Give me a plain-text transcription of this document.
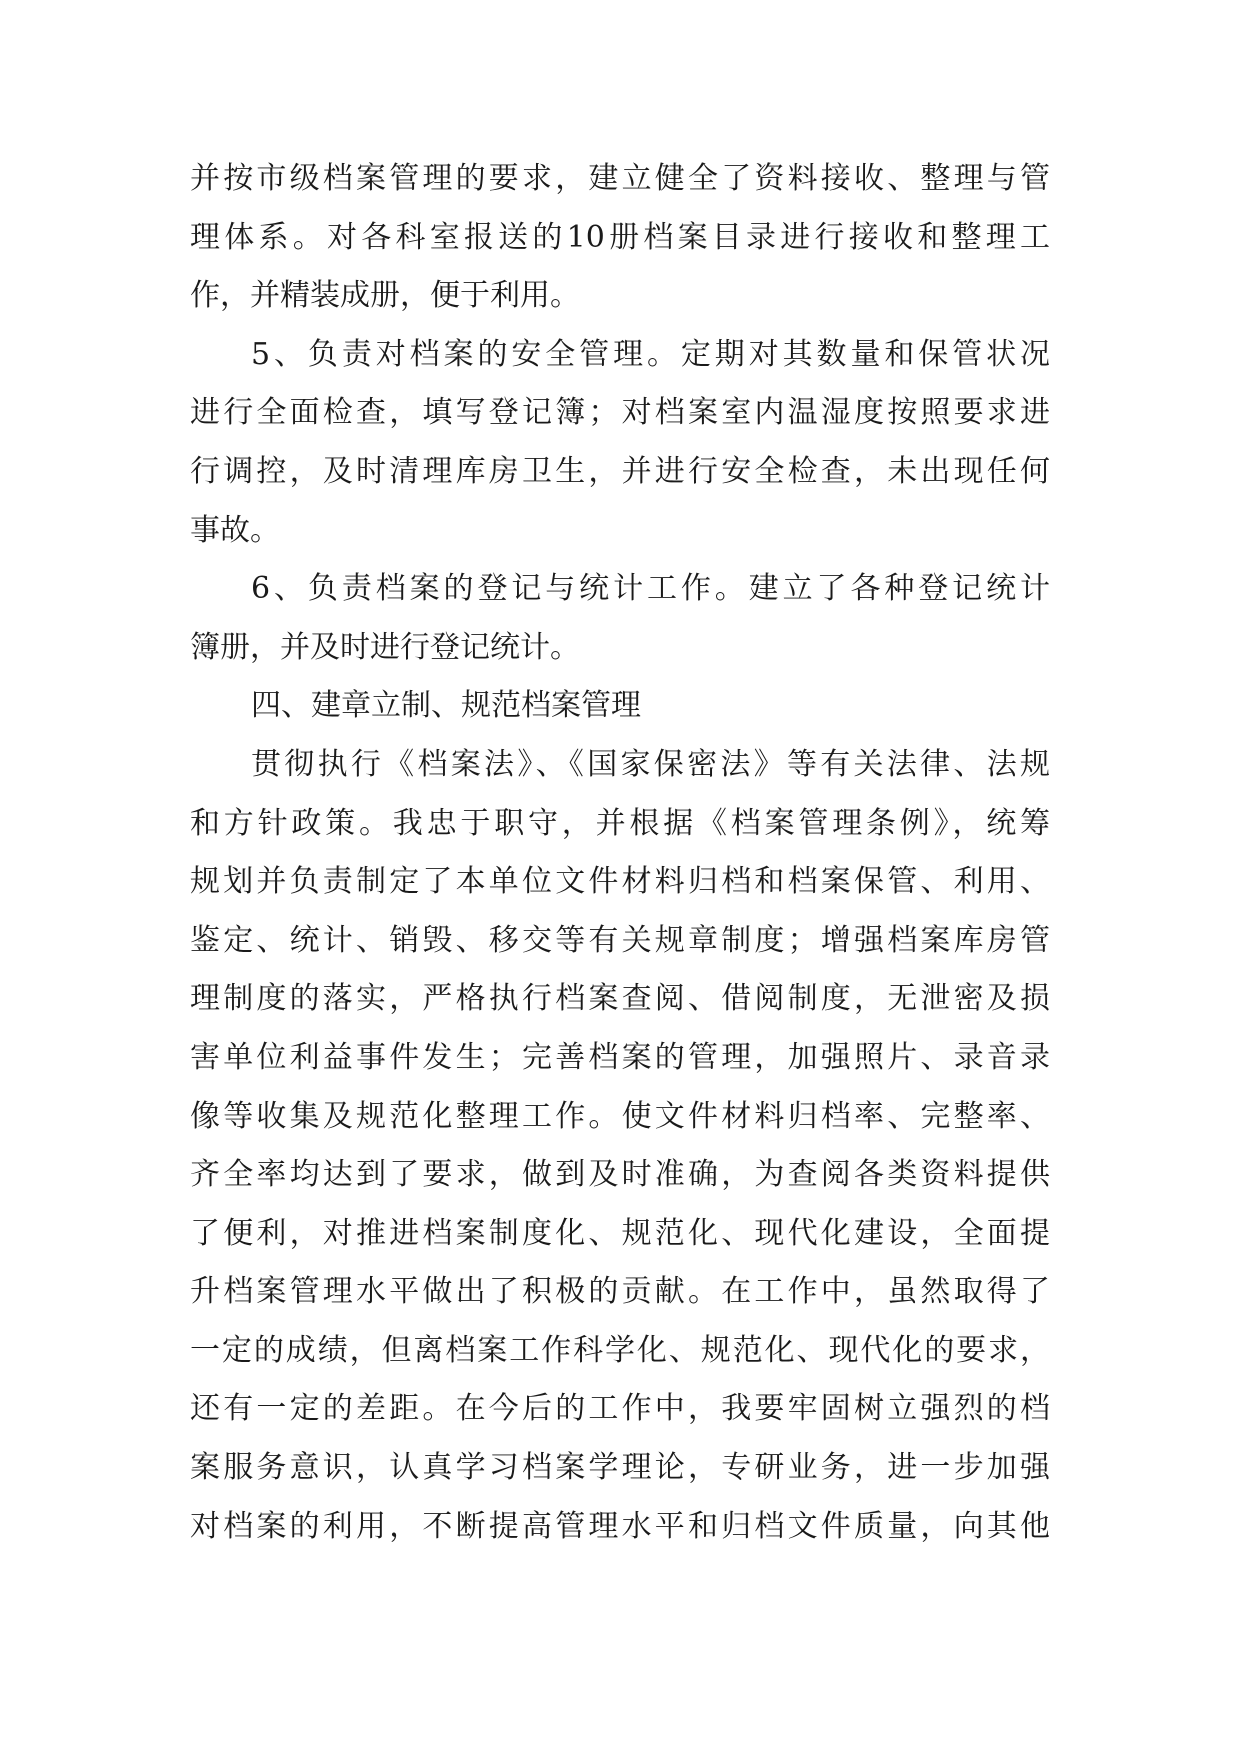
并按市级档案管理的要求，建立健全了资料接收、整理与管
理体系。对各科室报送的10册档案目录进行接收和整理工
作，并精装成册，便于利用。
5、负责对档案的安全管理。定期对其数量和保管状况
进行全面检查，填写登记簿；对档案室内温湿度按照要求进
行调控，及时清理库房卫生，并进行安全检查，未出现任何
事故。
6、负责档案的登记与统计工作。建立了各种登记统计
簿册，并及时进行登记统计。
四、建章立制、规范档案管理
贯彻执行《档案法》、《国家保密法》等有关法律、法规
和方针政策。我忠于职守，并根据《档案管理条例》，统筹
规划并负责制定了本单位文件材料归档和档案保管、利用、
鉴定、统计、销毁、移交等有关规章制度；增强档案库房管
理制度的落实，严格执行档案查阅、借阅制度，无泄密及损
害单位利益事件发生；完善档案的管理，加强照片、录音录
像等收集及规范化整理工作。使文件材料归档率、完整率、
齐全率均达到了要求，做到及时准确，为查阅各类资料提供
了便利，对推进档案制度化、规范化、现代化建设，全面提
升档案管理水平做出了积极的贡献。在工作中，虽然取得了
一定的成绩，但离档案工作科学化、规范化、现代化的要求，
还有一定的差距。在今后的工作中，我要牢固树立强烈的档
案服务意识，认真学习档案学理论，专研业务，进一步加强
对档案的利用，不断提高管理水平和归档文件质量，向其他
